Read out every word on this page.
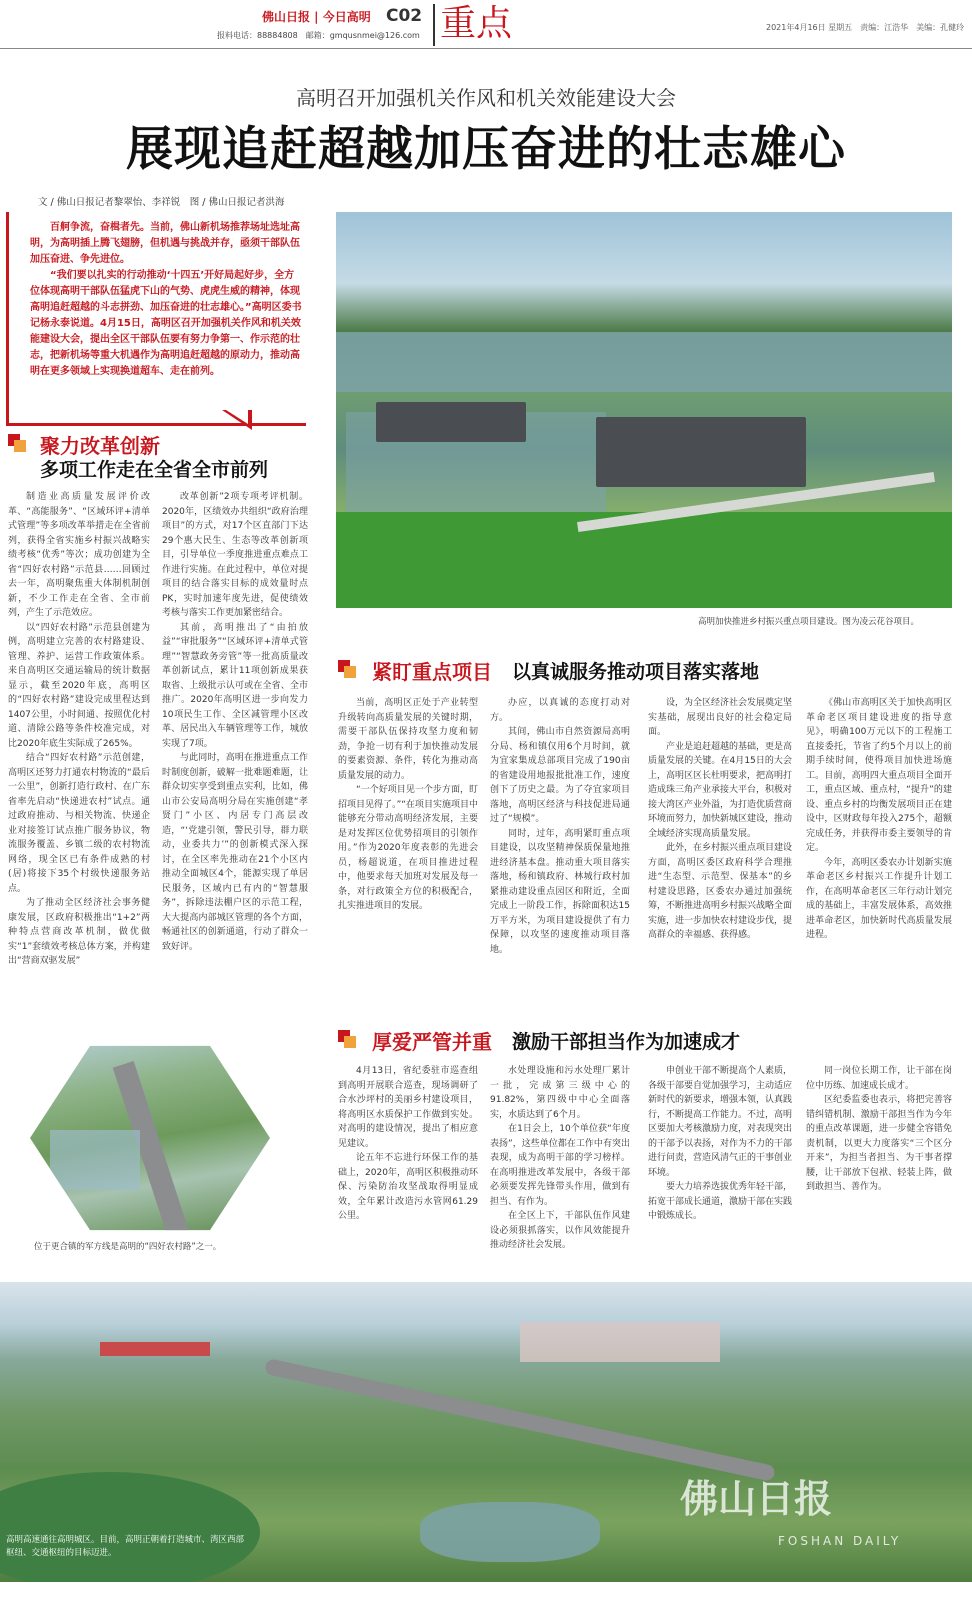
佛山日报 | 今日高明 C02
报料电话：88884808　邮箱：gmqusnmei@126.com 重点	2021年4月16日 星期五　责编：江浩华　美编：孔健玲
高明召开加强机关作风和机关效能建设大会
展现追赶超越加压奋进的壮志雄心
文 / 佛山日报记者黎翠怡、李祥锐　图 / 佛山日报记者洪海

百舸争流，奋楫者先。当前，佛山新机场推荐场址选址高明，为高明插上腾飞翅膀，但机遇与挑战并存，亟须干部队伍加压奋进、争先进位。

“我们要以扎实的行动推动‘十四五’开好局起好步，全方位体现高明干部队伍猛虎下山的气势、虎虎生威的精神，体现高明追赶超越的斗志拼劲、加压奋进的壮志雄心。”高明区委书记杨永泰说道。4月15日，高明区召开加强机关作风和机关效能建设大会，提出全区干部队伍要有努力争第一、作示范的壮志，把新机场等重大机遇作为高明追赶超越的原动力，推动高明在更多领域上实现换道超车、走在前列。

高明加快推进乡村振兴重点项目建设。图为凌云花谷项目。
聚力改革创新
多项工作走在全省全市前列

制造业高质量发展评价改革、“高能服务”、“区域环评+清单式管理”等多项改革举措走在全省前列，获得全省实施乡村振兴战略实绩考核“优秀”等次；成功创建为全省“四好农村路”示范县……回顾过去一年，高明聚焦重大体制机制创新，不少工作走在全省、全市前列，产生了示范效应。

以“四好农村路”示范县创建为例，高明建立完善的农村路建设、管理、养护、运营工作政策体系。来自高明区交通运输局的统计数据显示，截至2020年底，高明区的“四好农村路”建设完成里程达到1407公里，小时间通、按照优化村道、清除公路等条件校准完成，对比2020年底生实际成了265%。

结合“四好农村路”示范创建，高明区还努力打通农村物流的“最后一公里”，创新打造行政村、在广东省率先启动“快递进农村”试点。通过政府推动、与相关物流、快递企业对接签订试点推广服务协议，物流服务覆盖、乡镇二级的农村物流网络，现全区已有条件成熟的村(居)将接下35个村级快递服务站点。

为了推动全区经济社会事务健康发展，区政府积极推出“1+2”两种特点营商改革机制，做优做实“1”套绩效考核总体方案，并构建出“营商双驱发展”

改革创新”2项专项考评机制。2020年，区绩效办共组织“政府治理项目”的方式，对17个区直部门下达29个惠大民生、生态等改革创新项目，引导单位一季度推进重点难点工作进行实施。在此过程中，单位对提项目的结合落实目标的成效量时点PK，实时加速年度先进，促使绩效考核与落实工作更加紧密结合。

其前，高明推出了“由拍放益”“审批服务”“区域环评+清单式管理”“智慧政务旁管”等一批高质量改革创新试点，累计11项创新成果获取省、上级批示认可或在全省、全市推广。2020年高明区进一步向发力10项民生工作、全区减管理小区改革、居民出入车辆管理等工作，城放实现了7项。

与此同时，高明在推进重点工作时制度创新，破解一批难题难题，让群众切实享受到重点实利，比如，佛山市公安局高明分局在实施创建“孝贤门”小区、内居专门高层改造，“‘党建引领，警民引导，群力联动，业委共力’”的创新模式深入探讨，在全区率先推动在21个小区内推动全面城区4个，能源实现了单居民服务，区域内已有内的“智慧服务”，拆除违法棚户区的示范工程，大大提高内部城区管理的各个方面，畅通社区的创新通道，行动了群众一致好评。

紧盯重点项目 以真诚服务推动项目落实落地

当前，高明区正处于产业转型升级转向高质量发展的关键时期，需要干部队伍保持攻坚力度和韧劲，争抢一切有利于加快推动发展的要素资源、条件，转化为推动高质量发展的动力。

“一个好项目见一个步方面，盯招项目见得了。”“在项目实施项目中能够充分带动高明经济发展，主要是对发挥区位优势招项目的引领作用。”作为2020年度表彰的先进会员，杨超说道，在项目推进过程中，他要求每天加班对发展及每一条，对行政策全方位的积极配合，扎实推进项目的发展。

办应，以真诚的态度打动对方。

其间，佛山市自然资源局高明分局、杨和镇仅用6个月时间，就为宜家集成总部项目完成了190亩的省建设用地报批批准工作，速度创下了历史之最。为了夺宜家项目落地，高明区经济与科技促进局通过了“规模”。

同时，过年，高明紧盯重点项目建设，以攻坚精神保质保量地推进经济基本盘。推动重大项目落实落地，杨和镇政府、林城行政村加紧推动建设重点园区和附近，全面完成上一阶段工作，拆除面积达15万平方米，为项目建设提供了有力保障，以攻坚的速度推动项目落地。

设，为全区经济社会发展奠定坚实基础，展现出良好的社会稳定局面。

产业是追赶超越的基础，更是高质量发展的关键。在4月15日的大会上，高明区区长杜明要求，把高明打造成珠三角产业承接大平台，积极对接大湾区产业外溢，为打造优质营商环境而努力，加快新城区建设，推动全域经济实现高质量发展。

此外，在乡村振兴重点项目建设方面，高明区委区政府科学合理推进“生态型、示范型、保基本”的乡村建设思路，区委农办通过加强统筹，不断推进高明乡村振兴战略全面实施，进一步加快农村建设步伐，提高群众的幸福感、获得感。

《佛山市高明区关于加快高明区革命老区项目建设进度的指导意见》，明确100万元以下的工程施工直接委托，节省了约5个月以上的前期手续时间，使得项目加快进场施工。目前，高明四大重点项目全面开工，重点区域、重点村，“提升”的建设、重点乡村的均衡发展项目正在建设中，区财政每年投入275个，超额完成任务，并获得市委主要领导的肯定。

今年，高明区委农办计划新实施革命老区乡村振兴工作提升计划工作，在高明革命老区三年行动计划完成的基础上，丰富发展体系，高效推进革命老区，加快新时代高质量发展进程。

位于更合镇的军方线是高明的“四好农村路”之一。
厚爱严管并重 激励干部担当作为加速成才

4月13日，省纪委驻市巡查组到高明开展联合巡查，现场调研了合水沙坪村的美丽乡村建设项目，将高明区水质保护工作做到实处。对高明的建设情况，提出了相应意见建议。

论五年不忘进行环保工作的基础上，2020年，高明区积极推动环保、污染防治攻坚战取得明显成效，全年累计改造污水管网61.29公里。

水处理设施和污水处理厂累计一批，完成第三级中心的91.82%，第四级中中心全面落实，水质达到了6个月。

在1日会上，10个单位获“年度表扬”，这些单位都在工作中有突出表现，成为高明干部的学习榜样。在高明推进改革发展中，各级干部必须要发挥先锋带头作用，做到有担当、有作为。

在全区上下，干部队伍作风建设必须狠抓落实，以作风效能提升推动经济社会发展。

申创业干部不断提高个人素质，各级干部要自觉加强学习，主动适应新时代的新要求，增强本领，认真践行，不断提高工作能力。不过，高明区要加大考核激励力度，对表现突出的干部予以表扬，对作为不力的干部进行问责，营造风清气正的干事创业环境。

要大力培养选拔优秀年轻干部，拓宽干部成长通道，激励干部在实践中锻炼成长。

同一岗位长期工作，让干部在岗位中历练、加速成长成才。

区纪委监委也表示，将把完善容错纠错机制、激励干部担当作为今年的重点改革课题，进一步健全容错免责机制，以更大力度落实“三个区分开来”，为担当者担当、为干事者撑腰，让干部放下包袱、轻装上阵，做到敢担当、善作为。

佛山日报
FOSHAN DAILY
高明高速通往高明城区。目前，高明正朝着打造城市、湾区西部枢纽、交通枢纽的目标迈进。
